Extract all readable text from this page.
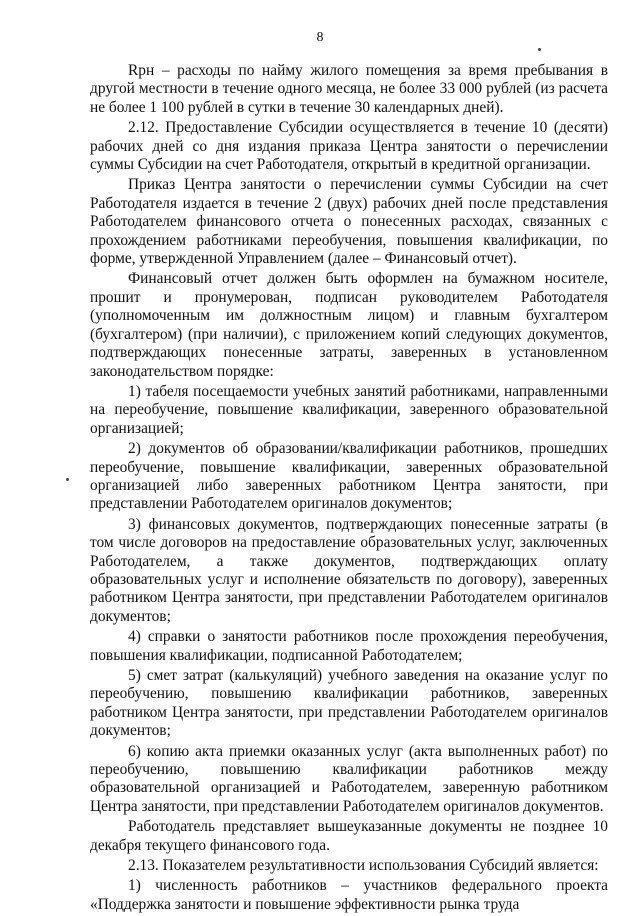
8

Rрн – расходы по найму жилого помещения за время пребывания в другой местности в течение одного месяца, не более 33 000 рублей (из расчета не более 1 100 рублей в сутки в течение 30 календарных дней).

2.12. Предоставление Субсидии осуществляется в течение 10 (десяти) рабочих дней со дня издания приказа Центра занятости о перечислении суммы Субсидии на счет Работодателя, открытый в кредитной организации.

Приказ Центра занятости о перечислении суммы Субсидии на счет Работодателя издается в течение 2 (двух) рабочих дней после представления Работодателем финансового отчета о понесенных расходах, связанных с прохождением работниками переобучения, повышения квалификации, по форме, утвержденной Управлением (далее – Финансовый отчет).

Финансовый отчет должен быть оформлен на бумажном носителе, прошит и пронумерован, подписан руководителем Работодателя (уполномоченным им должностным лицом) и главным бухгалтером (бухгалтером) (при наличии), с приложением копий следующих документов, подтверждающих понесенные затраты, заверенных в установленном законодательством порядке:

1) табеля посещаемости учебных занятий работниками, направленными на переобучение, повышение квалификации, заверенного образовательной организацией;

2) документов об образовании/квалификации работников, прошедших переобучение, повышение квалификации, заверенных образовательной организацией либо заверенных работником Центра занятости, при представлении Работодателем оригиналов документов;

3) финансовых документов, подтверждающих понесенные затраты (в том числе договоров на предоставление образовательных услуг, заключенных Работодателем, а также документов, подтверждающих оплату образовательных услуг и исполнение обязательств по договору), заверенных работником Центра занятости, при представлении Работодателем оригиналов документов;

4) справки о занятости работников после прохождения переобучения, повышения квалификации, подписанной Работодателем;

5) смет затрат (калькуляций) учебного заведения на оказание услуг по переобучению, повышению квалификации работников, заверенных работником Центра занятости, при представлении Работодателем оригиналов документов;

6) копию акта приемки оказанных услуг (акта выполненных работ) по переобучению, повышению квалификации работников между образовательной организацией и Работодателем, заверенную работником Центра занятости, при представлении Работодателем оригиналов документов.

Работодатель представляет вышеуказанные документы не позднее 10 декабря текущего финансового года.

2.13. Показателем результативности использования Субсидий является:

1) численность работников – участников федерального проекта «Поддержка занятости и повышение эффективности рынка труда
